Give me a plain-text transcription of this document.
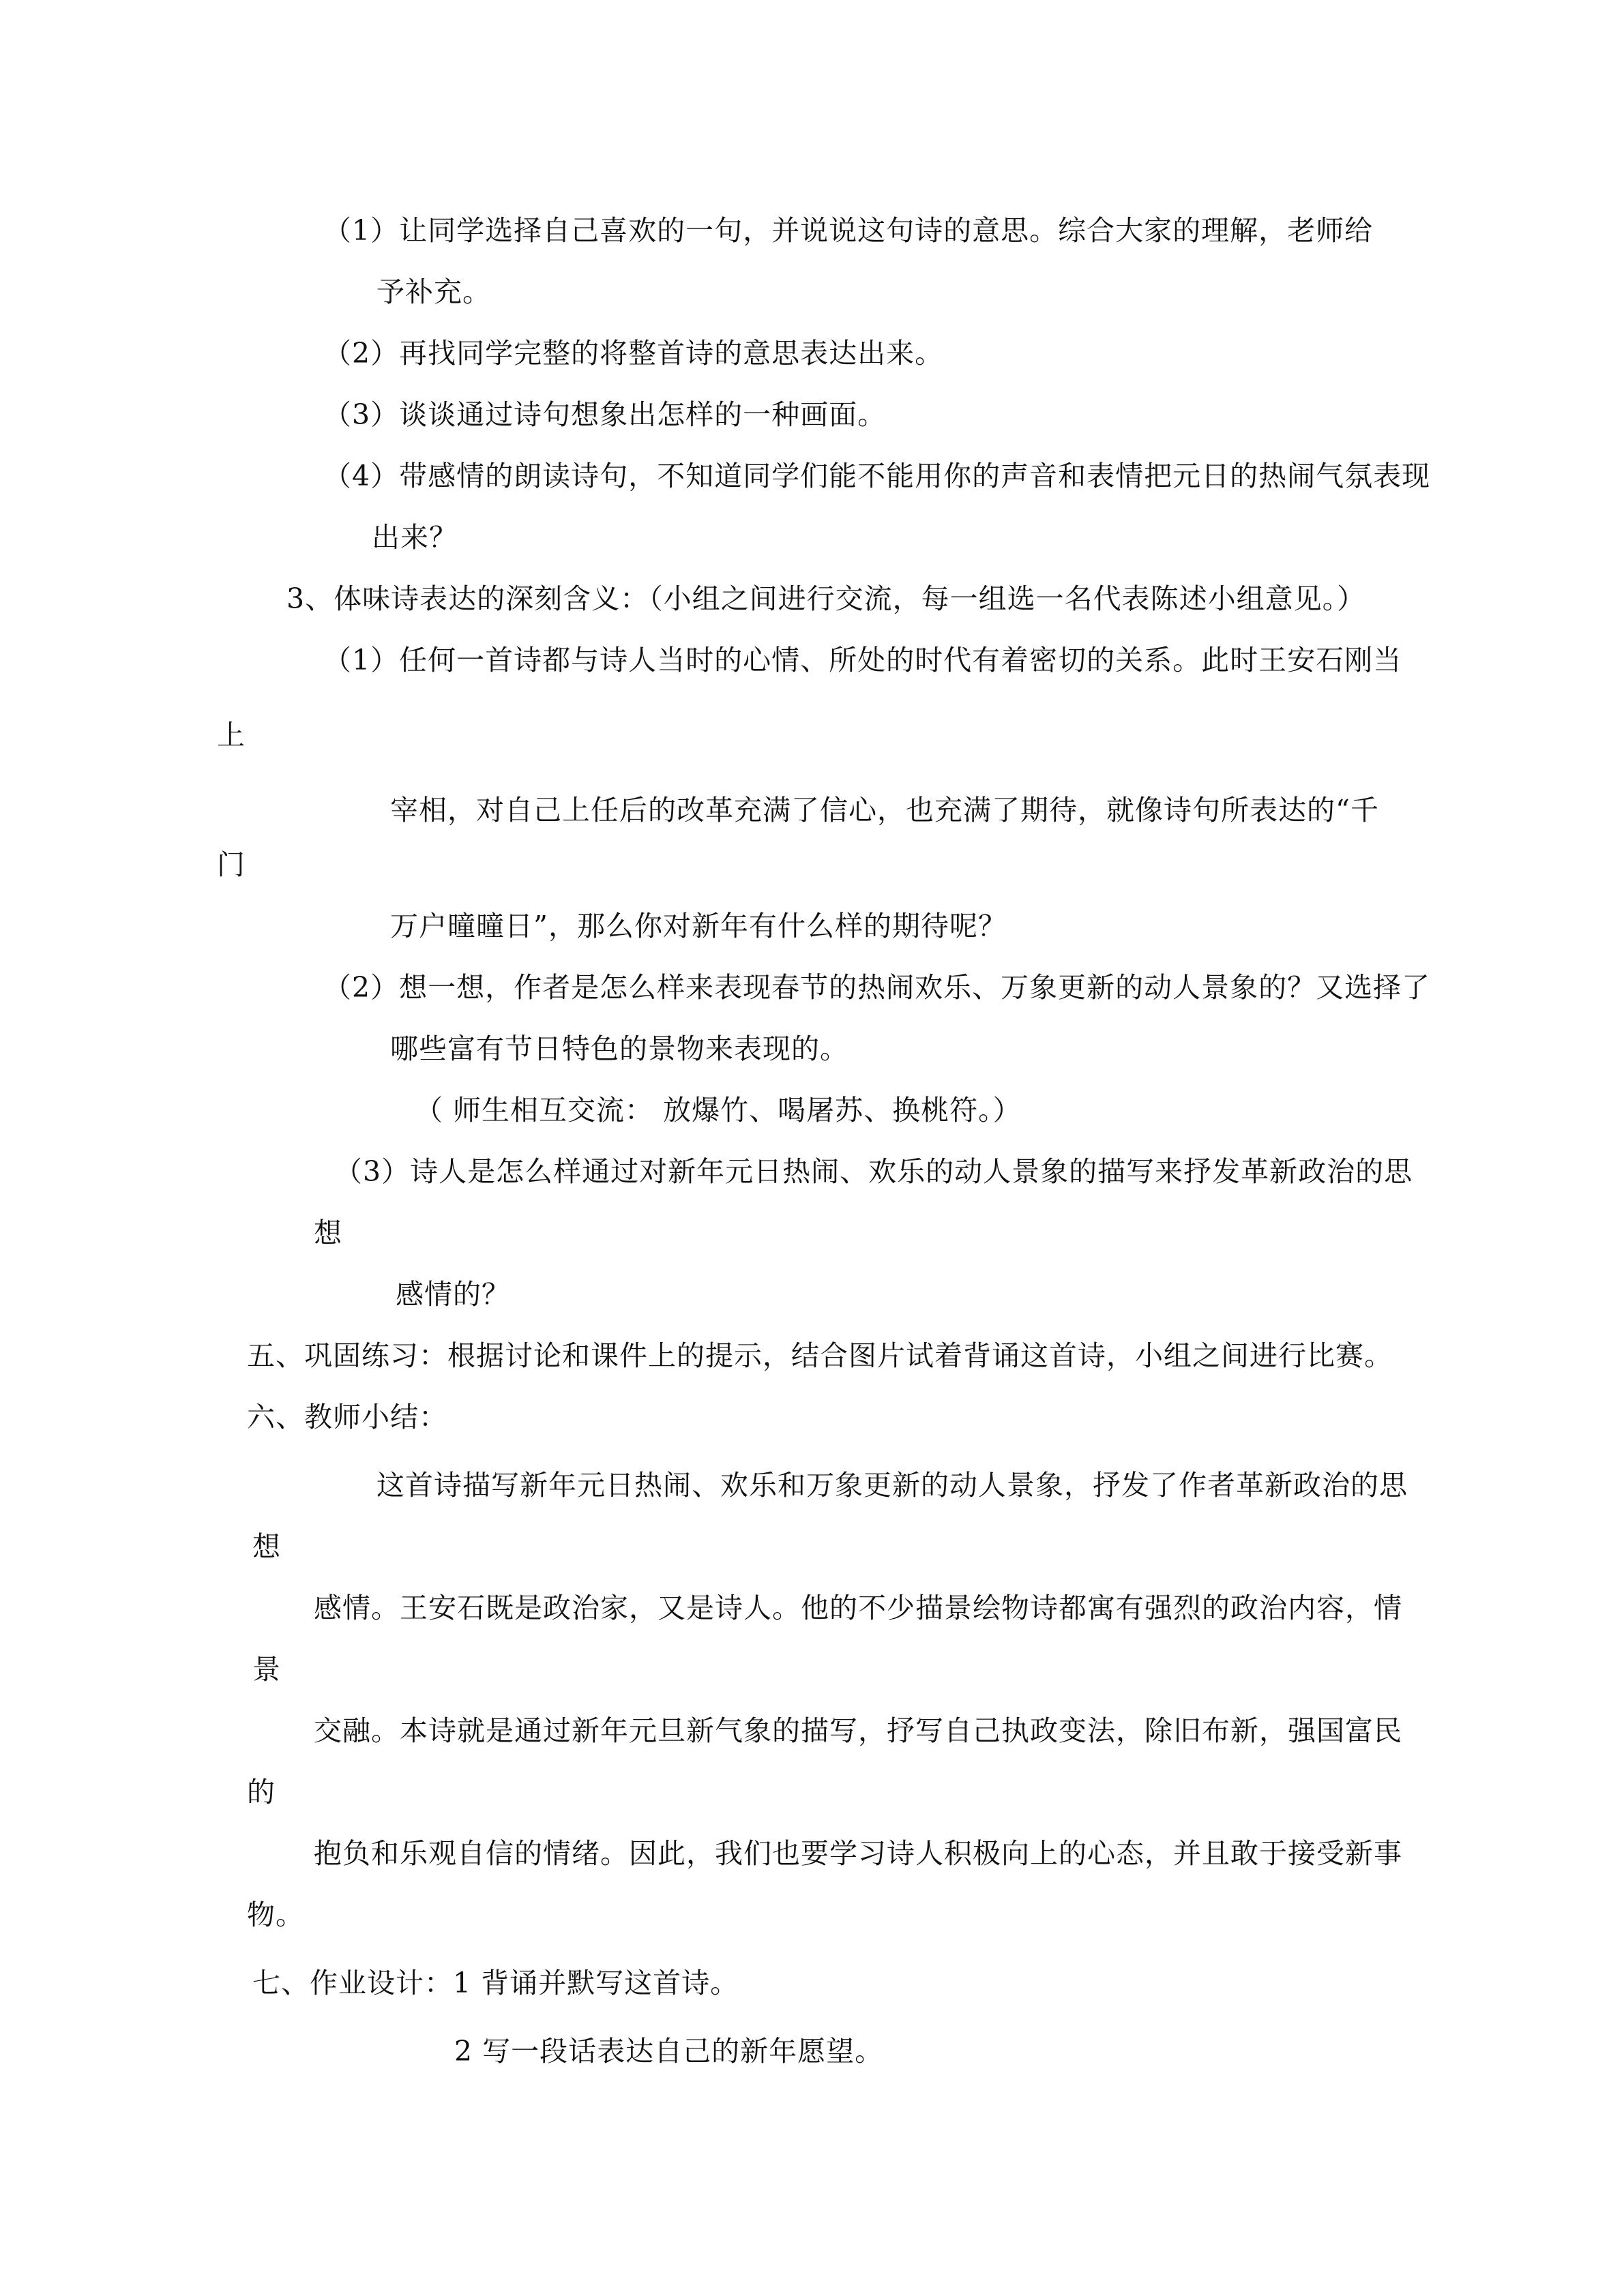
（1）让同学选择自己喜欢的一句，并说说这句诗的意思。综合大家的理解，老师给
予补充。
（2）再找同学完整的将整首诗的意思表达出来。
（3）谈谈通过诗句想象出怎样的一种画面。
（4）带感情的朗读诗句，不知道同学们能不能用你的声音和表情把元日的热闹气氛表现
出来？
3、体味诗表达的深刻含义：（小组之间进行交流，每一组选一名代表陈述小组意见。）
（1）任何一首诗都与诗人当时的心情、所处的时代有着密切的关系。此时王安石刚当
上
宰相，对自己上任后的改革充满了信心，也充满了期待，就像诗句所表达的“千
门
万户曈曈日”，那么你对新年有什么样的期待呢？
（2）想一想，作者是怎么样来表现春节的热闹欢乐、万象更新的动人景象的？又选择了
哪些富有节日特色的景物来表现的。
（ 师生相互交流： 放爆竹、喝屠苏、换桃符。）
（3）诗人是怎么样通过对新年元日热闹、欢乐的动人景象的描写来抒发革新政治的思
想
感情的？
五、巩固练习：根据讨论和课件上的提示，结合图片试着背诵这首诗，小组之间进行比赛。
六、教师小结：
这首诗描写新年元日热闹、欢乐和万象更新的动人景象，抒发了作者革新政治的思
想
感情。王安石既是政治家，又是诗人。他的不少描景绘物诗都寓有强烈的政治内容，情
景
交融。本诗就是通过新年元旦新气象的描写，抒写自己执政变法，除旧布新，强国富民
的
抱负和乐观自信的情绪。因此，我们也要学习诗人积极向上的心态，并且敢于接受新事
物。
七、作业设计：1 背诵并默写这首诗。
2 写一段话表达自己的新年愿望。
